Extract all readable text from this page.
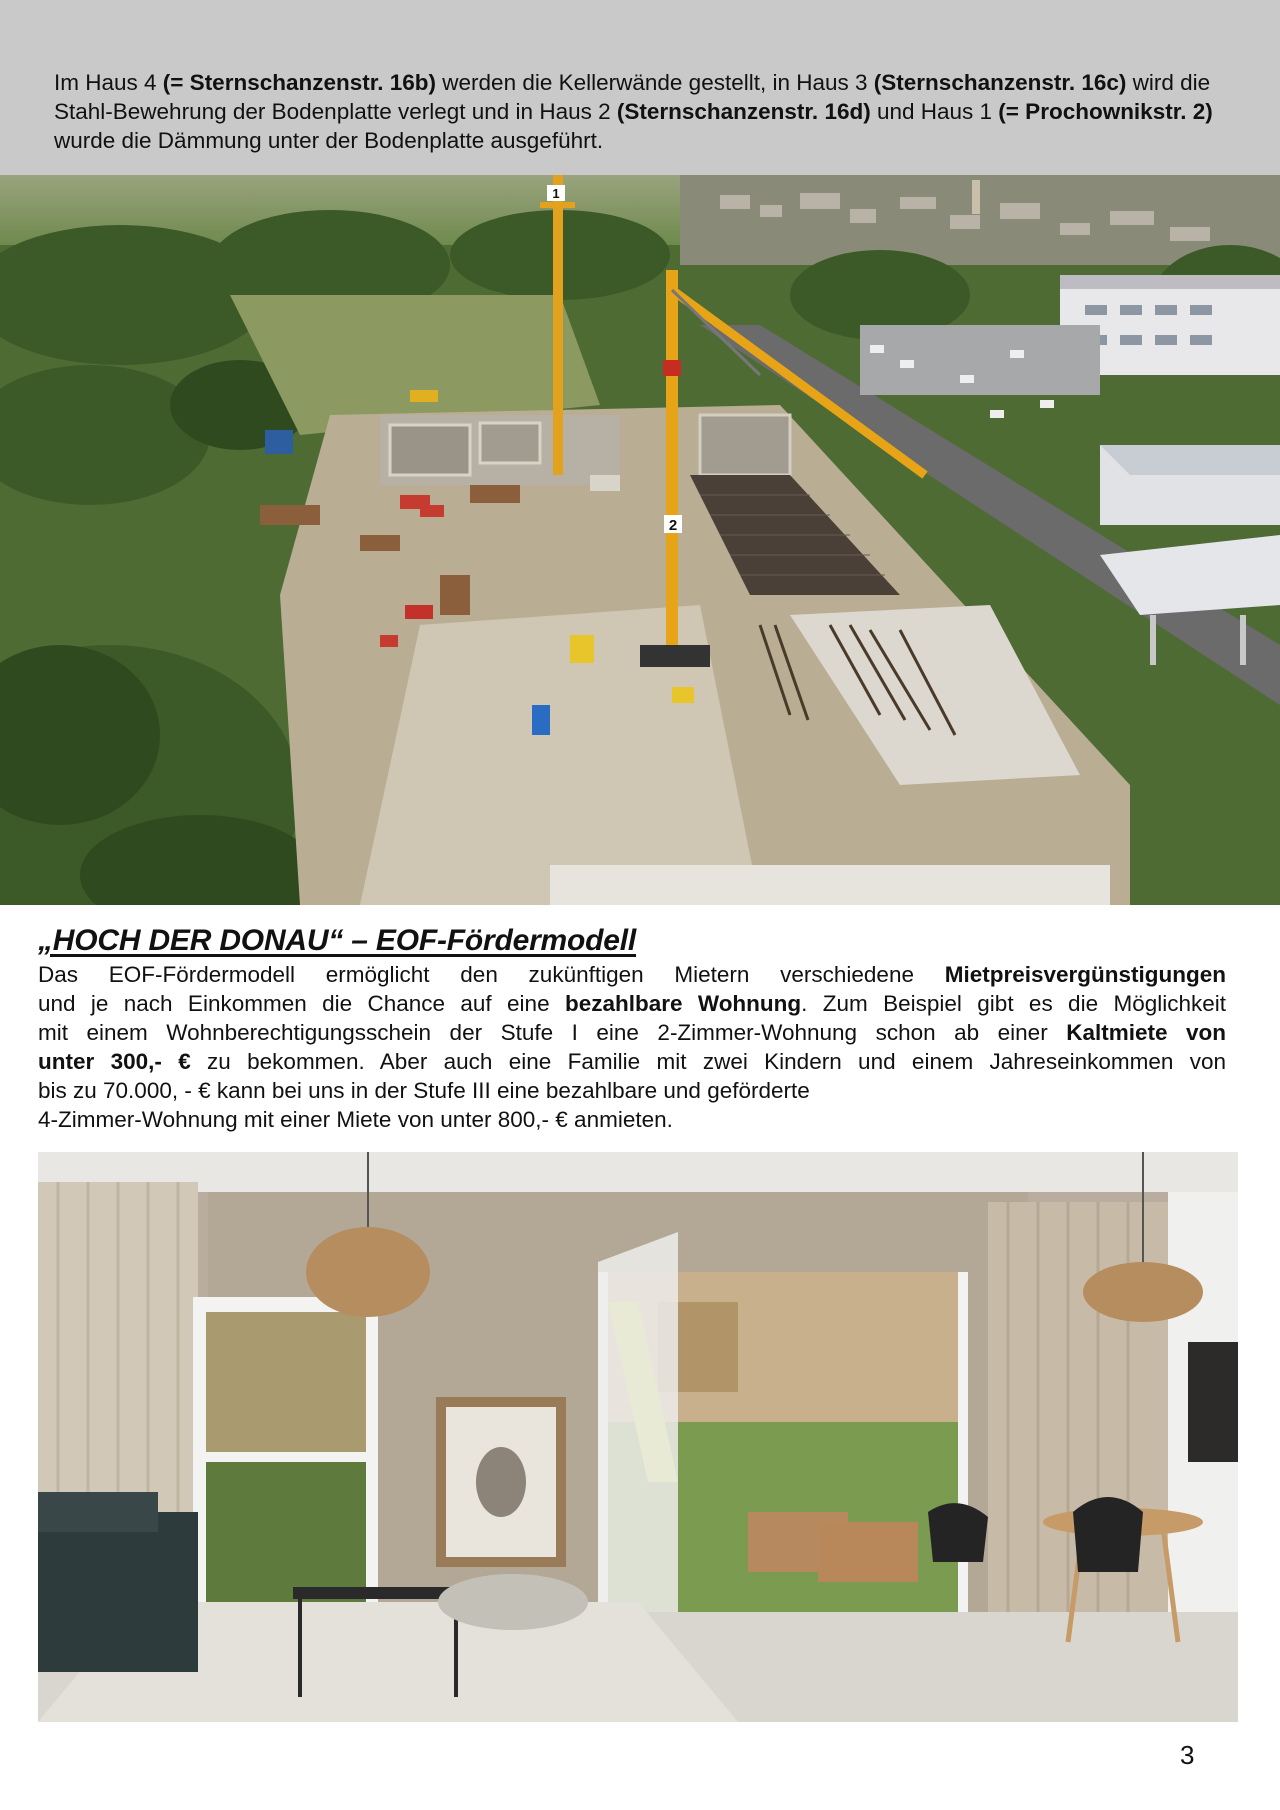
Im Haus 4 (= Sternschanzenstr. 16b) werden die Kellerwände gestellt, in Haus 3 (Sternschanzenstr. 16c) wird die Stahl-Bewehrung der Bodenplatte verlegt und in Haus 2 (Sternschanzenstr. 16d) und Haus 1 (= Prochownikstr. 2) wurde die Dämmung unter der Bodenplatte ausgeführt.

1
2
„HOCH DER DONAU“ – EOF-Fördermodell

Das EOF-Fördermodell ermöglicht den zukünftigen Mietern verschiedene Mietpreisvergünstigungen
und je nach Einkommen die Chance auf eine bezahlbare Wohnung. Zum Beispiel gibt es die Möglichkeit
mit einem Wohnberechtigungsschein der Stufe I eine 2-Zimmer-Wohnung schon ab einer Kaltmiete von
unter 300,- € zu bekommen. Aber auch eine Familie mit zwei Kindern und einem Jahreseinkommen von
bis zu 70.000, - € kann bei uns in der Stufe III eine bezahlbare und geförderte
4-Zimmer-Wohnung mit einer Miete von unter 800,- € anmieten.

3
